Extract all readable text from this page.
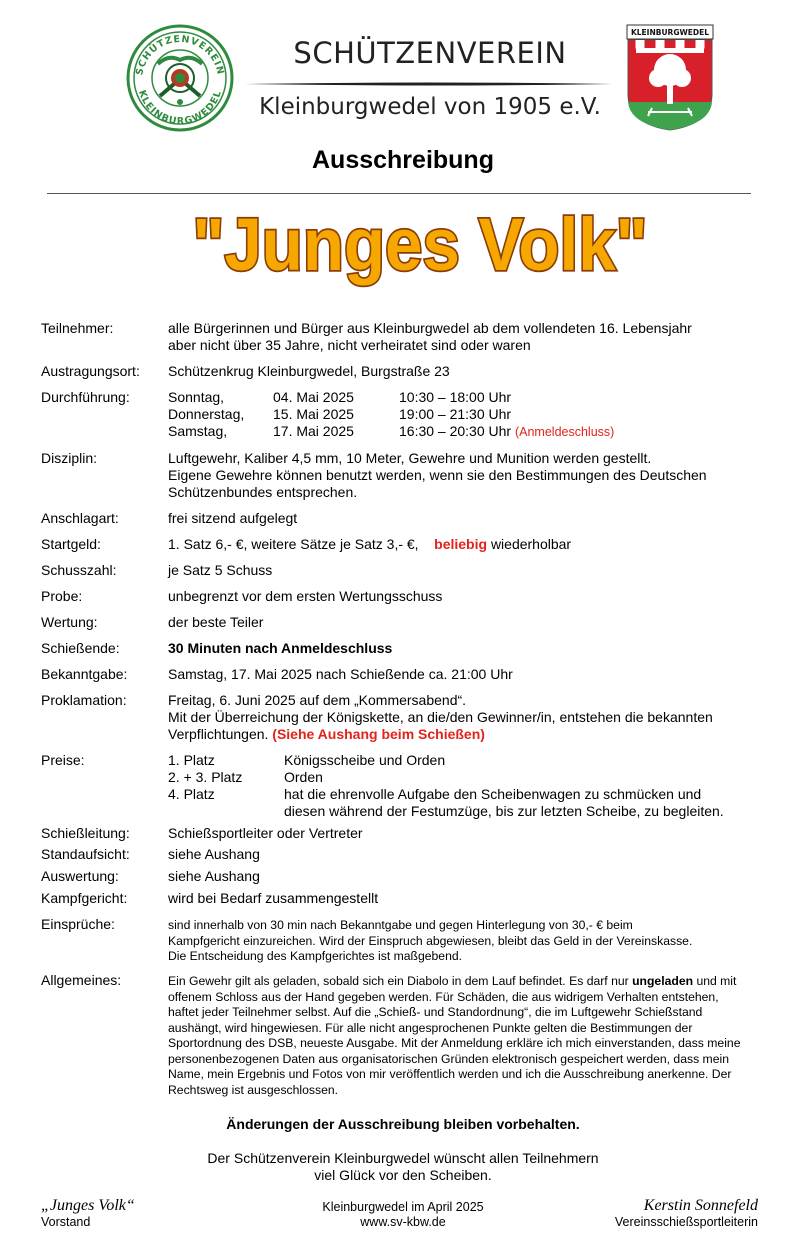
SCHÜTZENVEREIN
KLEINBURGWEDEL
SCHÜTZENVEREIN
Kleinburgwedel von 1905 e.V.
KLEINBURGWEDEL
Ausschreibung
"Junges Volk"
Teilnehmer:	alle Bürgerinnen und Bürger aus Kleinburgwedel ab dem vollendeten 16. Lebensjahr
aber nicht über 35 Jahre, nicht verheiratet sind oder waren
Austragungsort: Schützenkrug Kleinburgwedel, Burgstraße 23
Durchführung:	Sonntag,	04. Mai 2025	10:30 – 18:00 Uhr
Donnerstag, 15. Mai 2025	19:00 – 21:30 Uhr
Samstag,	17. Mai 2025	16:30 – 20:30 Uhr (Anmeldeschluss)
Disziplin:	Luftgewehr, Kaliber 4,5 mm, 10 Meter, Gewehre und Munition werden gestellt.
Eigene Gewehre können benutzt werden, wenn sie den Bestimmungen des Deutschen
Schützenbundes entsprechen.
Anschlagart:	frei sitzend aufgelegt
Startgeld:	1. Satz 6,- €, weitere Sätze je Satz 3,- €, beliebig wiederholbar
Schusszahl:	je Satz 5 Schuss
Probe:	unbegrenzt vor dem ersten Wertungsschuss
Wertung:	der beste Teiler
Schießende:	30 Minuten nach Anmeldeschluss
Bekanntgabe:	Samstag, 17. Mai 2025 nach Schießende ca. 21:00 Uhr
Proklamation:	Freitag, 6. Juni 2025 auf dem „Kommersabend“.
Mit der Überreichung der Königskette, an die/den Gewinner/in, entstehen die bekannten
Verpflichtungen. (Siehe Aushang beim Schießen)
Preise:	1. Platz	Königsscheibe und Orden
2. + 3. Platz	Orden
4. Platz	hat die ehrenvolle Aufgabe den Scheibenwagen zu schmücken und
diesen während der Festumzüge, bis zur letzten Scheibe, zu begleiten.
Schießleitung:	Schießsportleiter oder Vertreter
Standaufsicht:	siehe Aushang
Auswertung:	siehe Aushang
Kampfgericht:	wird bei Bedarf zusammengestellt
Einsprüche:	sind innerhalb von 30 min nach Bekanntgabe und gegen Hinterlegung von 30,- € beim
Kampfgericht einzureichen. Wird der Einspruch abgewiesen, bleibt das Geld in der Vereinskasse.
Die Entscheidung des Kampfgerichtes ist maßgebend.
Allgemeines:	Ein Gewehr gilt als geladen, sobald sich ein Diabolo in dem Lauf befindet. Es darf nur ungeladen und mit
offenem Schloss aus der Hand gegeben werden. Für Schäden, die aus widrigem Verhalten entstehen,
haftet jeder Teilnehmer selbst. Auf die „Schieß- und Standordnung“, die im Luftgewehr Schießstand
aushängt, wird hingewiesen. Für alle nicht angesprochenen Punkte gelten die Bestimmungen der
Sportordnung des DSB, neueste Ausgabe. Mit der Anmeldung erkläre ich mich einverstanden, dass meine
personenbezogenen Daten aus organisatorischen Gründen elektronisch gespeichert werden, dass mein
Name, mein Ergebnis und Fotos von mir veröffentlich werden und ich die Ausschreibung anerkenne. Der
Rechtsweg ist ausgeschlossen.
Änderungen der Ausschreibung bleiben vorbehalten.
Der Schützenverein Kleinburgwedel wünscht allen Teilnehmern
viel Glück vor den Scheiben.
„Junges Volk“
Vorstand
Kleinburgwedel im April 2025
www.sv-kbw.de
Kerstin Sonnefeld
Vereinsschießsportleiterin
